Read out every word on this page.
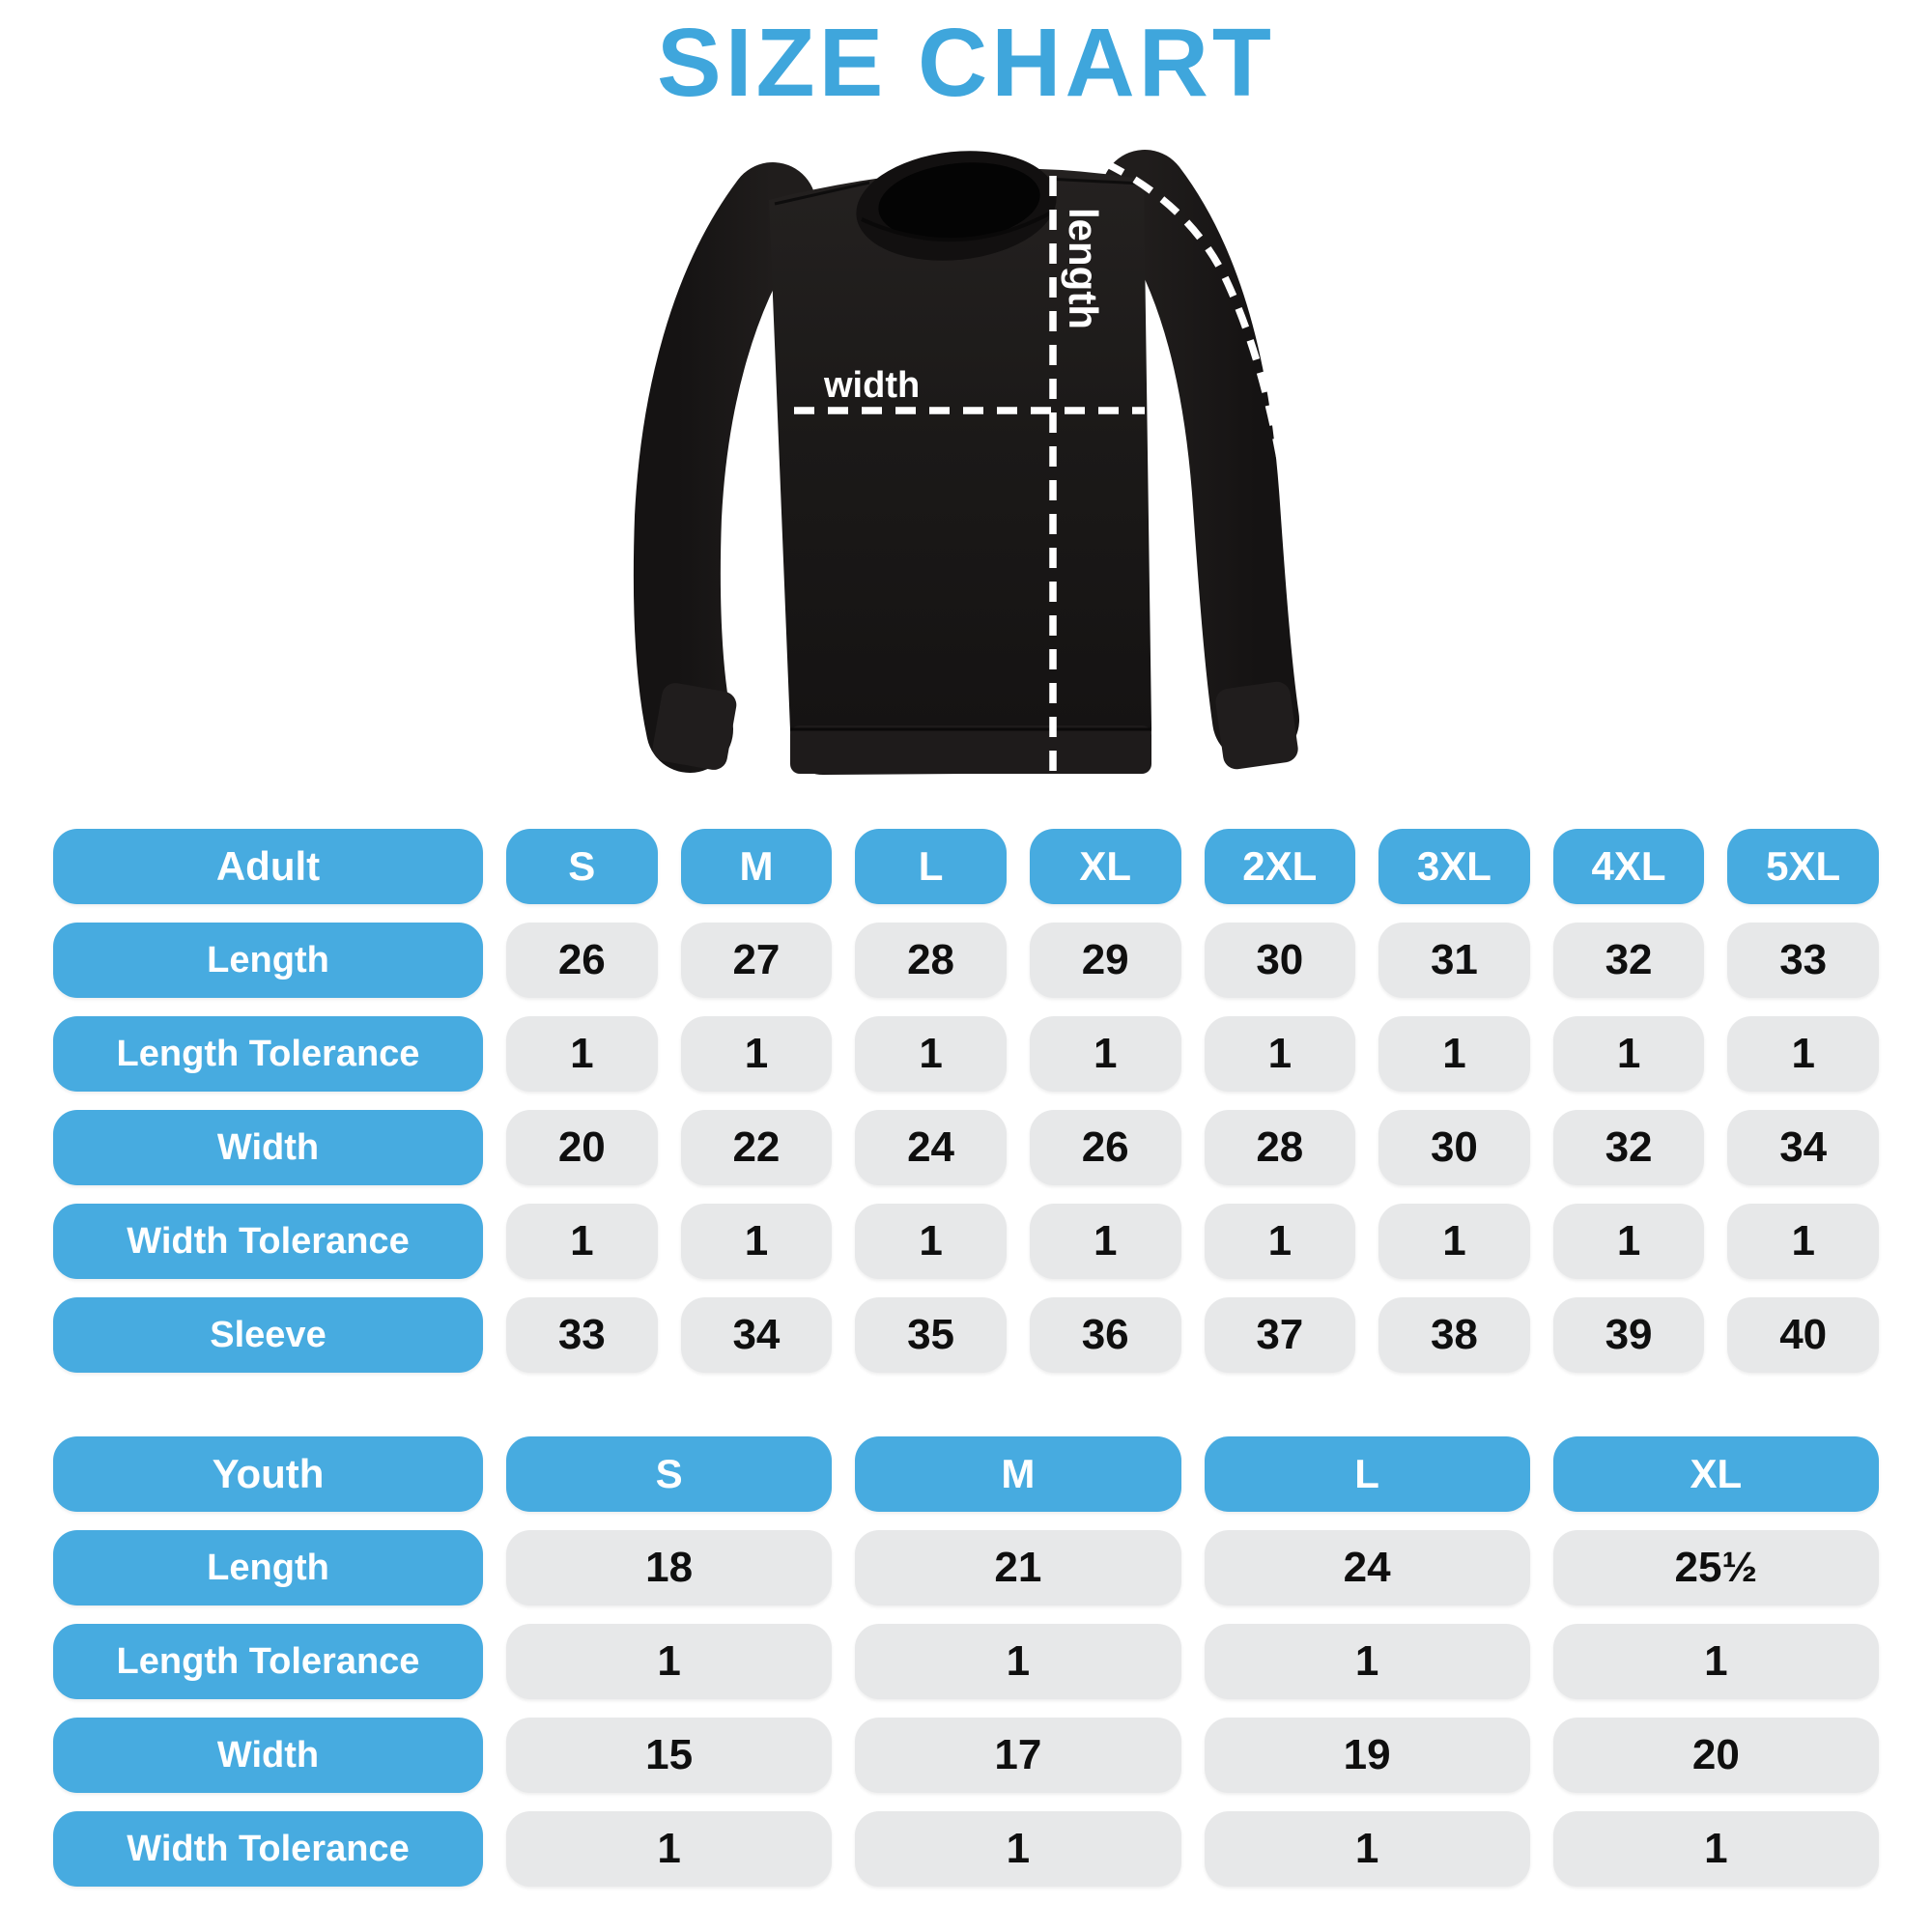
SIZE CHART
width
length	sleeve
Adult	S	M	L	XL	2XL	3XL	4XL	5XL
Length	26	27	28	29	30	31	32	33
Length Tolerance	1	1	1	1	1	1	1	1
Width	20	22	24	26	28	30	32	34
Width Tolerance	1	1	1	1	1	1	1	1
Sleeve	33	34	35	36	37	38	39	40
Youth	S	M	L	XL
Length	18	21	24	25½
Length Tolerance	1	1	1	1
Width	15	17	19	20
Width Tolerance	1	1	1	1
